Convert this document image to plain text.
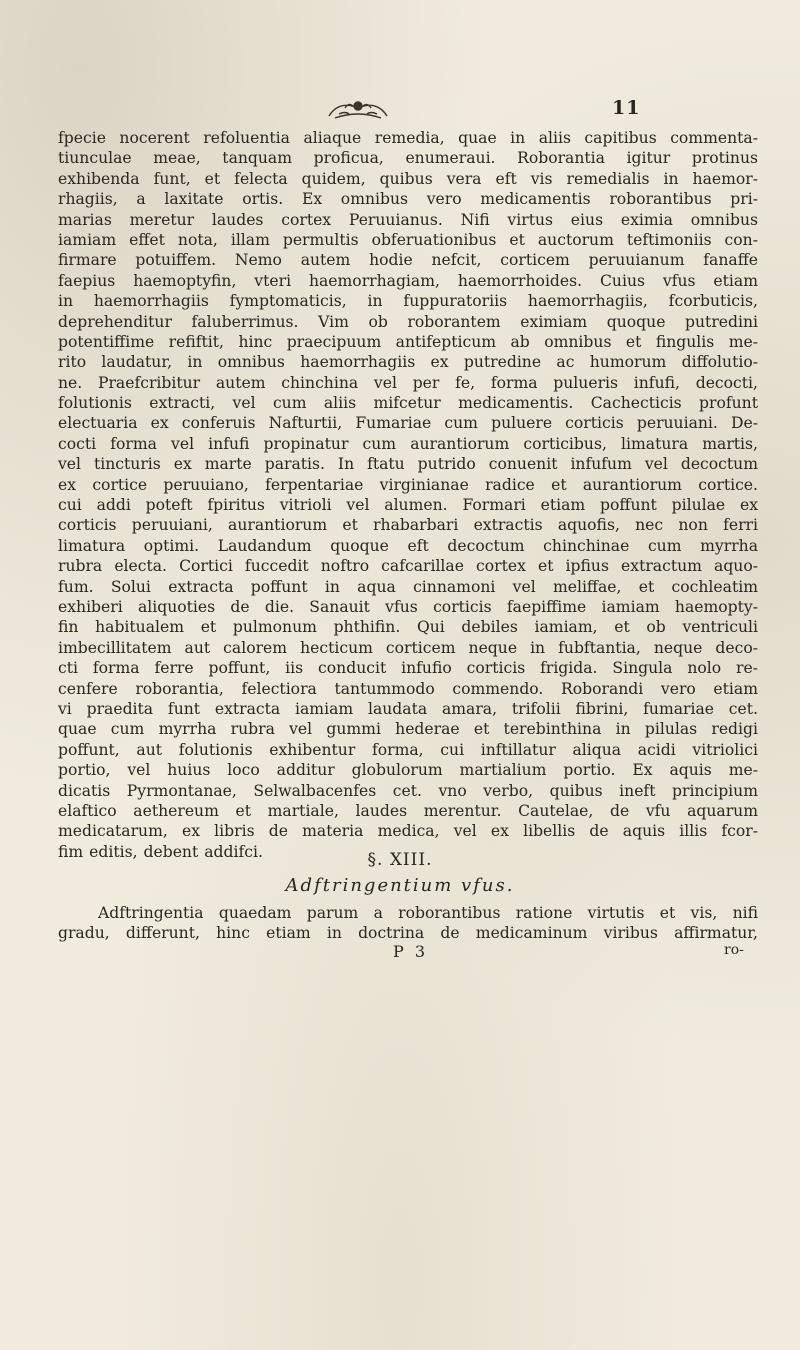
11
fpecie nocerent refoluentia aliaque remedia, quae in aliis capitibus commenta-
tiunculae meae, tanquam proficua, enumeraui. Roborantia igitur protinus
exhibenda funt, et felecta quidem, quibus vera eft vis remedialis in haemor-
rhagiis, a laxitate ortis. Ex omnibus vero medicamentis roborantibus pri-
marias meretur laudes cortex Peruuianus. Nifi virtus eius eximia omnibus
iamiam effet nota, illam permultis obferuationibus et auctorum teftimoniis con-
firmare potuiffem. Nemo autem hodie nefcit, corticem peruuianum fanaffe
faepius haemoptyfin, vteri haemorrhagiam, haemorrhoides. Cuius vfus etiam
in haemorrhagiis fymptomaticis, in fuppuratoriis haemorrhagiis, fcorbuticis,
deprehenditur faluberrimus. Vim ob roborantem eximiam quoque putredini
potentiffime refiftit, hinc praecipuum antifepticum ab omnibus et fingulis me-
rito laudatur, in omnibus haemorrhagiis ex putredine ac humorum diffolutio-
ne. Praefcribitur autem chinchina vel per fe, forma pulueris infufi, decocti,
folutionis extracti, vel cum aliis mifcetur medicamentis. Cachecticis profunt
electuaria ex conferuis Nafturtii, Fumariae cum puluere corticis peruuiani. De-
cocti forma vel infufi propinatur cum aurantiorum corticibus, limatura martis,
vel tincturis ex marte paratis. In ftatu putrido conuenit infufum vel decoctum
ex cortice peruuiano, ferpentariae virginianae radice et aurantiorum cortice.
cui addi poteft fpiritus vitrioli vel alumen. Formari etiam poffunt pilulae ex
corticis peruuiani, aurantiorum et rhabarbari extractis aquofis, nec non ferri
limatura optimi. Laudandum quoque eft decoctum chinchinae cum myrrha
rubra electa. Cortici fuccedit noftro cafcarillae cortex et ipfius extractum aquo-
fum. Solui extracta poffunt in aqua cinnamoni vel meliffae, et cochleatim
exhiberi aliquoties de die. Sanauit vfus corticis faepiffime iamiam haemopty-
fin habitualem et pulmonum phthifin. Qui debiles iamiam, et ob ventriculi
imbecillitatem aut calorem hecticum corticem neque in fubftantia, neque deco-
cti forma ferre poffunt, iis conducit infufio corticis frigida. Singula nolo re-
cenfere roborantia, felectiora tantummodo commendo. Roborandi vero etiam
vi praedita funt extracta iamiam laudata amara, trifolii fibrini, fumariae cet.
quae cum myrrha rubra vel gummi hederae et terebinthina in pilulas redigi
poffunt, aut folutionis exhibentur forma, cui inftillatur aliqua acidi vitriolici
portio, vel huius loco additur globulorum martialium portio. Ex aquis me-
dicatis Pyrmontanae, Selwalbacenfes cet. vno verbo, quibus ineft principium
elaftico aethereum et martiale, laudes merentur. Cautelae, de vfu aquarum
medicatarum, ex libris de materia medica, vel ex libellis de aquis illis fcor-
fim editis, debent addifci.	§. XIII.
Adftringentium vfus.
Adftringentia quaedam parum a roborantibus ratione virtutis et vis, nifi
gradu, differunt, hinc etiam in doctrina de medicaminum viribus affirmatur,
P 3	ro-
